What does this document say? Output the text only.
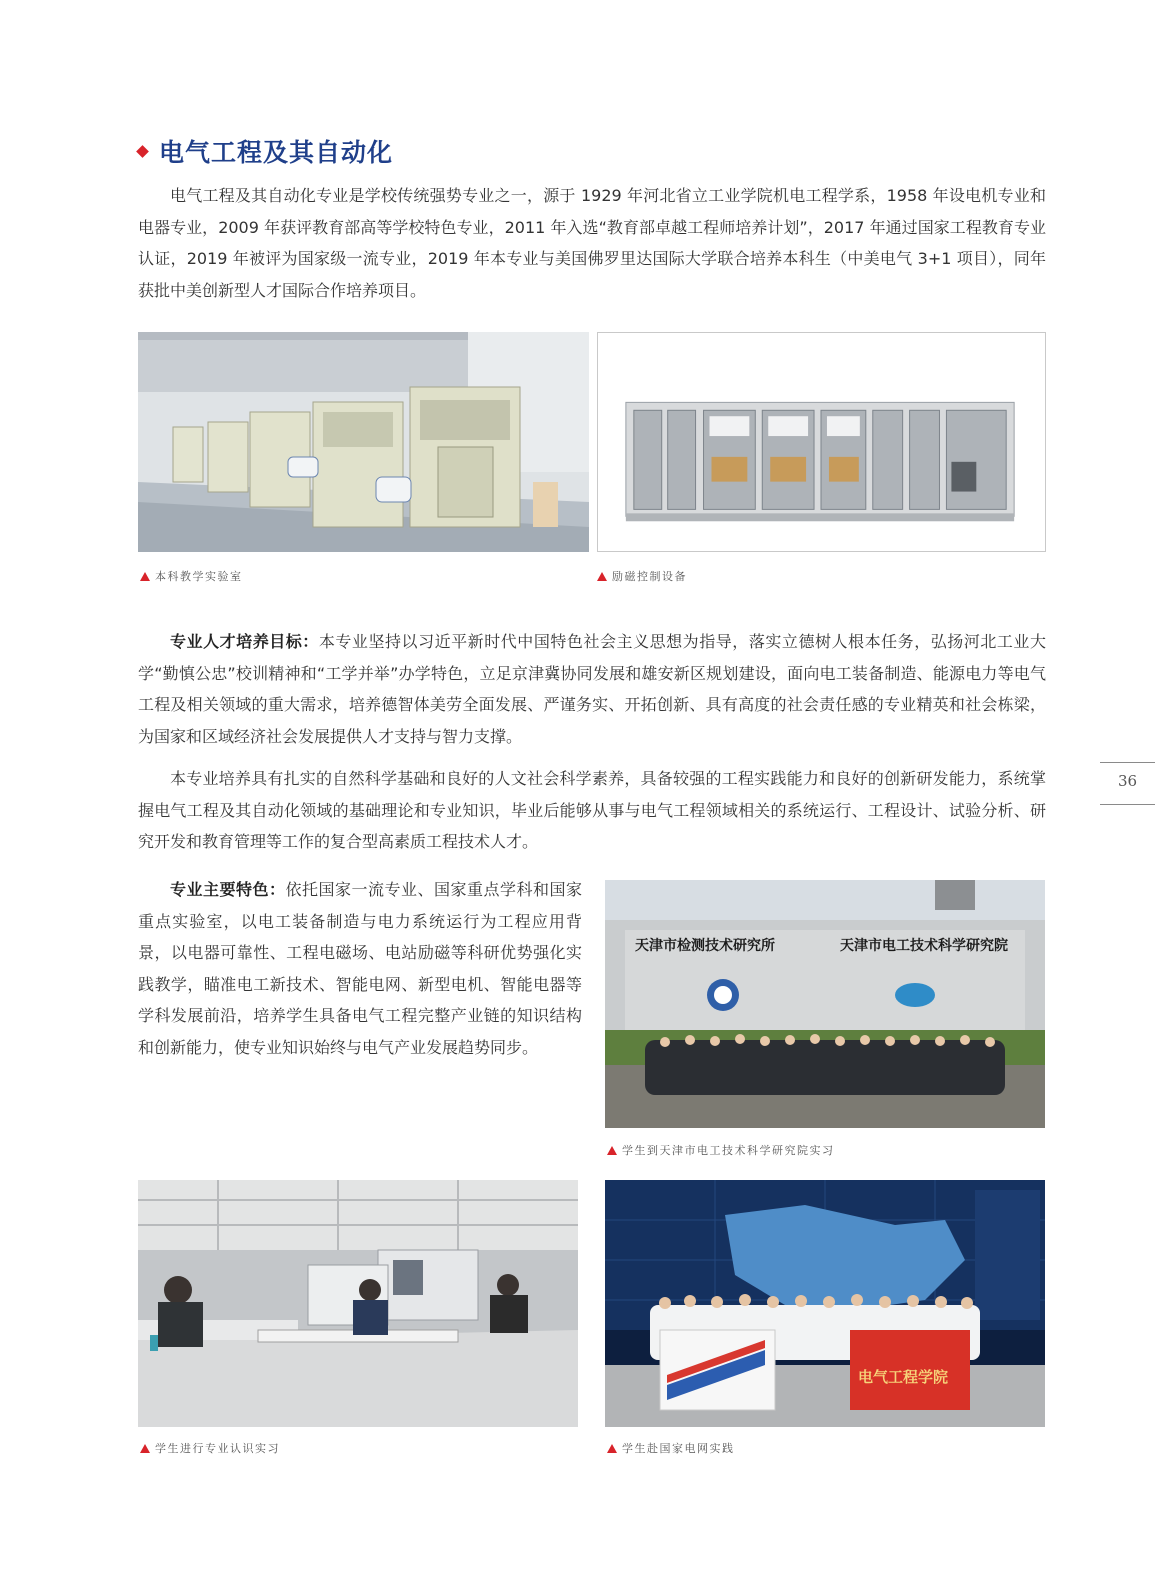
电气工程及其自动化

电气工程及其自动化专业是学校传统强势专业之一，源于 1929 年河北省立工业学院机电工程学系，1958 年设电机专业和电器专业，2009 年获评教育部高等学校特色专业，2011 年入选“教育部卓越工程师培养计划”，2017 年通过国家工程教育专业认证，2019 年被评为国家级一流专业，2019 年本专业与美国佛罗里达国际大学联合培养本科生（中美电气 3+1 项目），同年获批中美创新型人才国际合作培养项目。

本科教学实验室	励磁控制设备

专业人才培养目标：本专业坚持以习近平新时代中国特色社会主义思想为指导，落实立德树人根本任务，弘扬河北工业大学“勤慎公忠”校训精神和“工学并举”办学特色，立足京津冀协同发展和雄安新区规划建设，面向电工装备制造、能源电力等电气工程及相关领域的重大需求，培养德智体美劳全面发展、严谨务实、开拓创新、具有高度的社会责任感的专业精英和社会栋梁，为国家和区域经济社会发展提供人才支持与智力支撑。

本专业培养具有扎实的自然科学基础和良好的人文社会科学素养，具备较强的工程实践能力和良好的创新研发能力，系统掌握电气工程及其自动化领域的基础理论和专业知识，毕业后能够从事与电气工程领域相关的系统运行、工程设计、试验分析、研究开发和教育管理等工作的复合型高素质工程技术人才。

专业主要特色：依托国家一流专业、国家重点学科和国家重点实验室，以电工装备制造与电力系统运行为工程应用背景，以电器可靠性、工程电磁场、电站励磁等科研优势强化实践教学，瞄准电工新技术、智能电网、新型电机、智能电器等学科发展前沿，培养学生具备电气工程完整产业链的知识结构和创新能力，使专业知识始终与电气产业发展趋势同步。

天津市检测技术研究所	天津市电工技术科学研究院
学生到天津市电工技术科学研究院实习
学生进行专业认识实习
电气工程学院
学生赴国家电网实践
36
